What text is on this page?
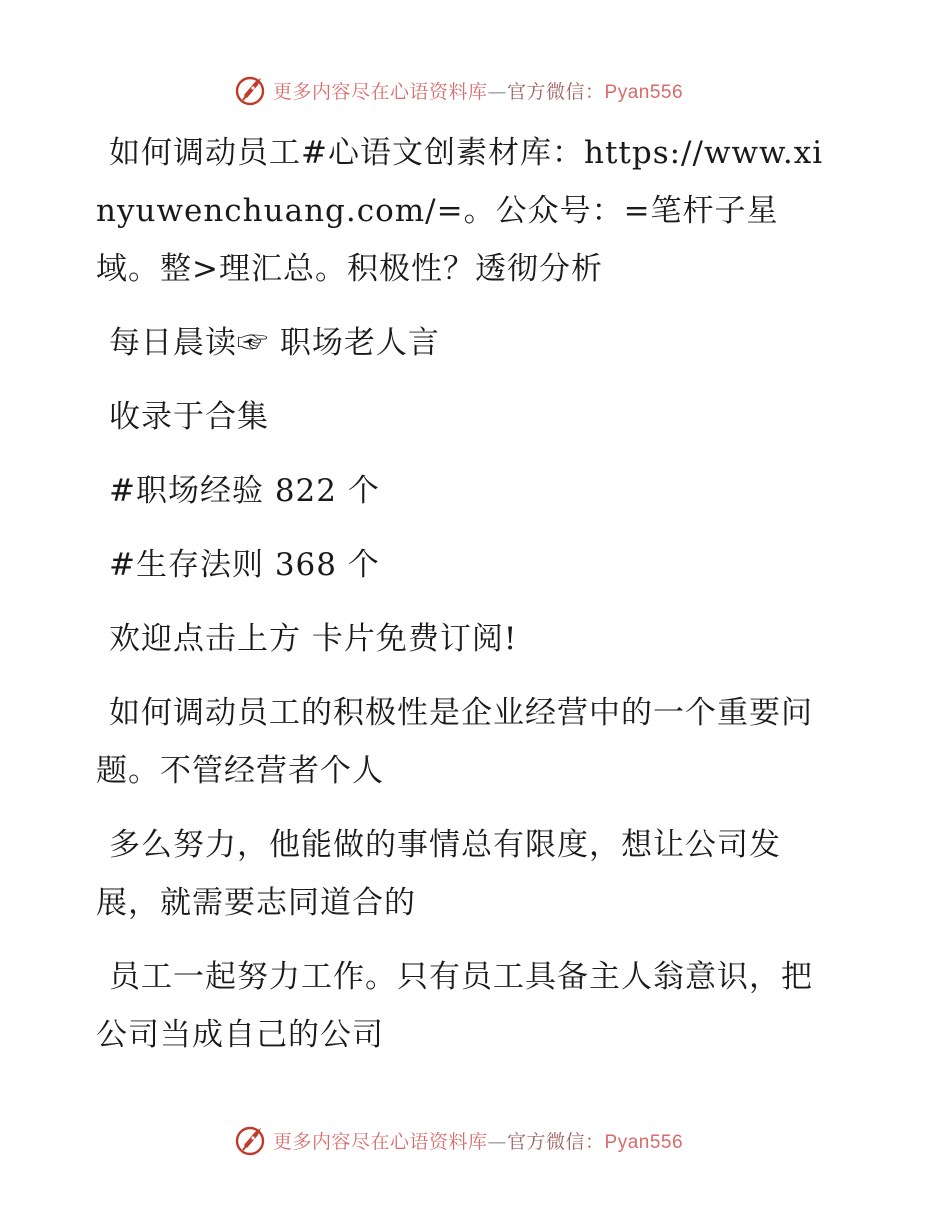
更多内容尽在心语资料库—官方微信：Pyan556

如何调动员工#心语文创素材库：https://www.xinyuwenchuang.com/=。公众号：=笔杆子星域。整>理汇总。积极性？透彻分析

每日晨读☞ 职场老人言

收录于合集

#职场经验 822 个

#生存法则 368 个

欢迎点击上方 卡片免费订阅!

如何调动员工的积极性是企业经营中的一个重要问题。不管经营者个人

多么努力，他能做的事情总有限度，想让公司发展，就需要志同道合的

员工一起努力工作。只有员工具备主人翁意识，把公司当成自己的公司

更多内容尽在心语资料库—官方微信：Pyan556
